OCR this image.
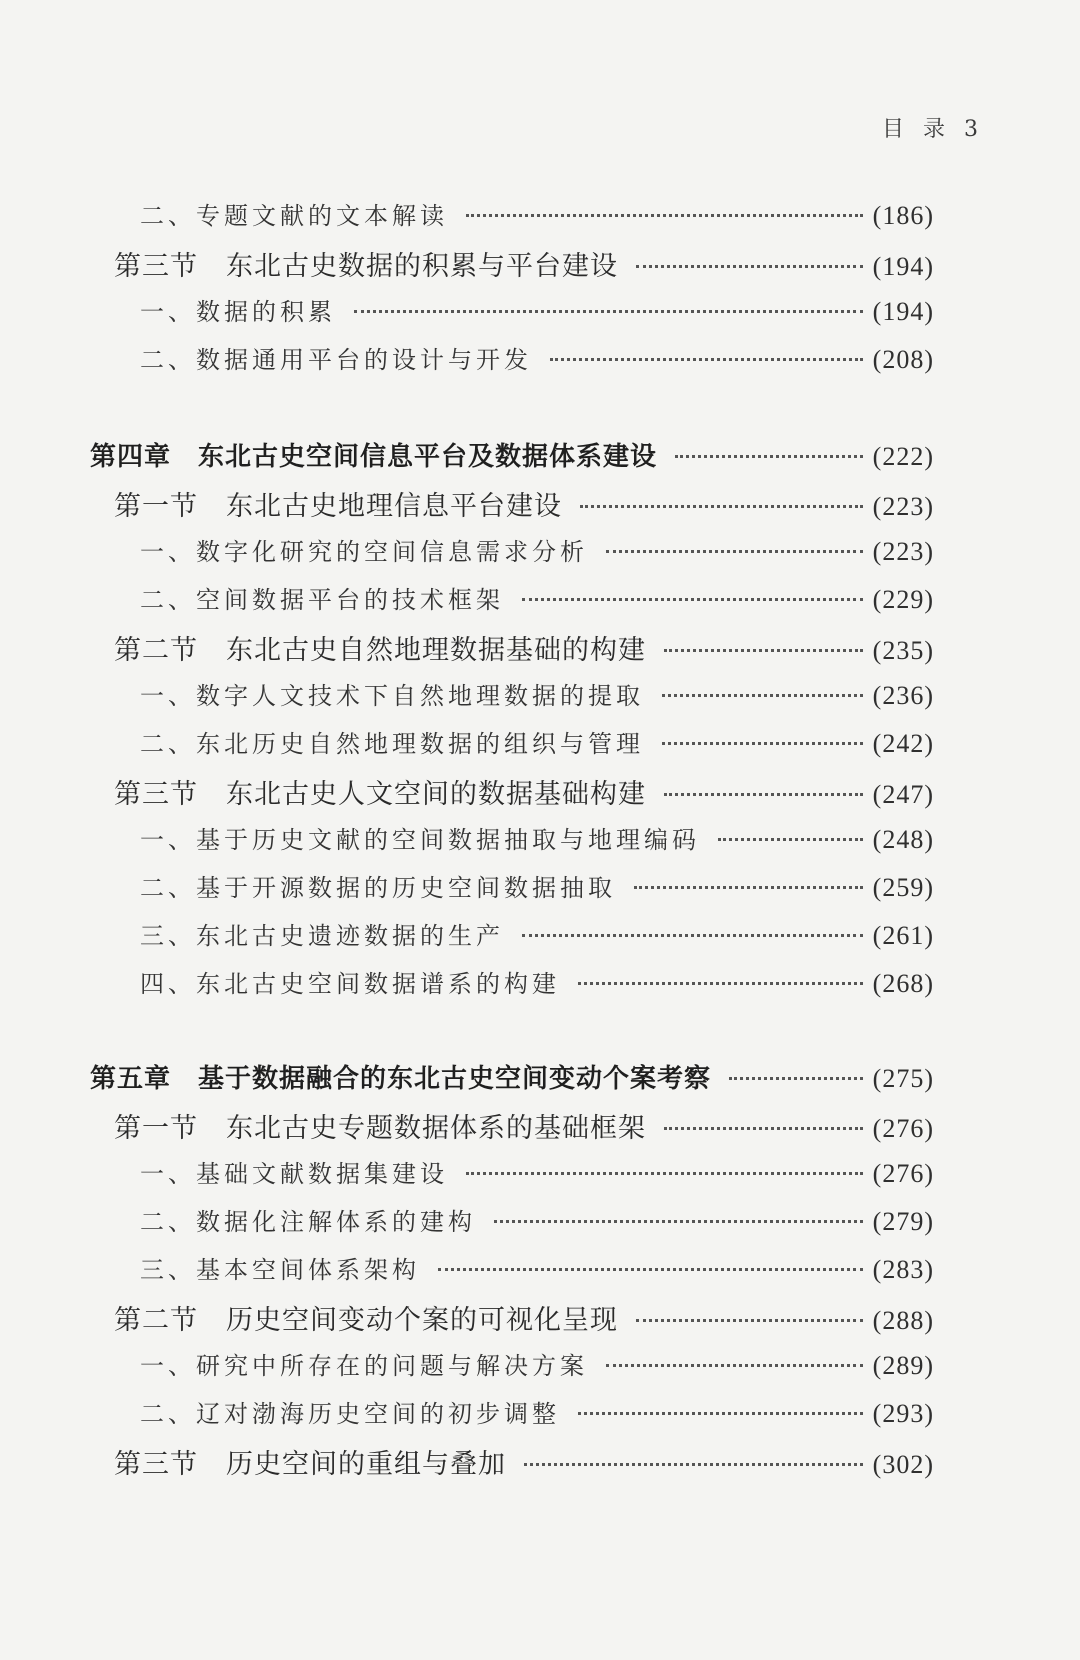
目 录 3
二、专题文献的文本解读	(186)
第三节　东北古史数据的积累与平台建设	(194)
一、数据的积累	(194)
二、数据通用平台的设计与开发	(208)
第四章　东北古史空间信息平台及数据体系建设	(222)
第一节　东北古史地理信息平台建设	(223)
一、数字化研究的空间信息需求分析	(223)
二、空间数据平台的技术框架	(229)
第二节　东北古史自然地理数据基础的构建	(235)
一、数字人文技术下自然地理数据的提取	(236)
二、东北历史自然地理数据的组织与管理	(242)
第三节　东北古史人文空间的数据基础构建	(247)
一、基于历史文献的空间数据抽取与地理编码	(248)
二、基于开源数据的历史空间数据抽取	(259)
三、东北古史遗迹数据的生产	(261)
四、东北古史空间数据谱系的构建	(268)
第五章　基于数据融合的东北古史空间变动个案考察	(275)
第一节　东北古史专题数据体系的基础框架	(276)
一、基础文献数据集建设	(276)
二、数据化注解体系的建构	(279)
三、基本空间体系架构	(283)
第二节　历史空间变动个案的可视化呈现	(288)
一、研究中所存在的问题与解决方案	(289)
二、辽对渤海历史空间的初步调整	(293)
第三节　历史空间的重组与叠加	(302)
